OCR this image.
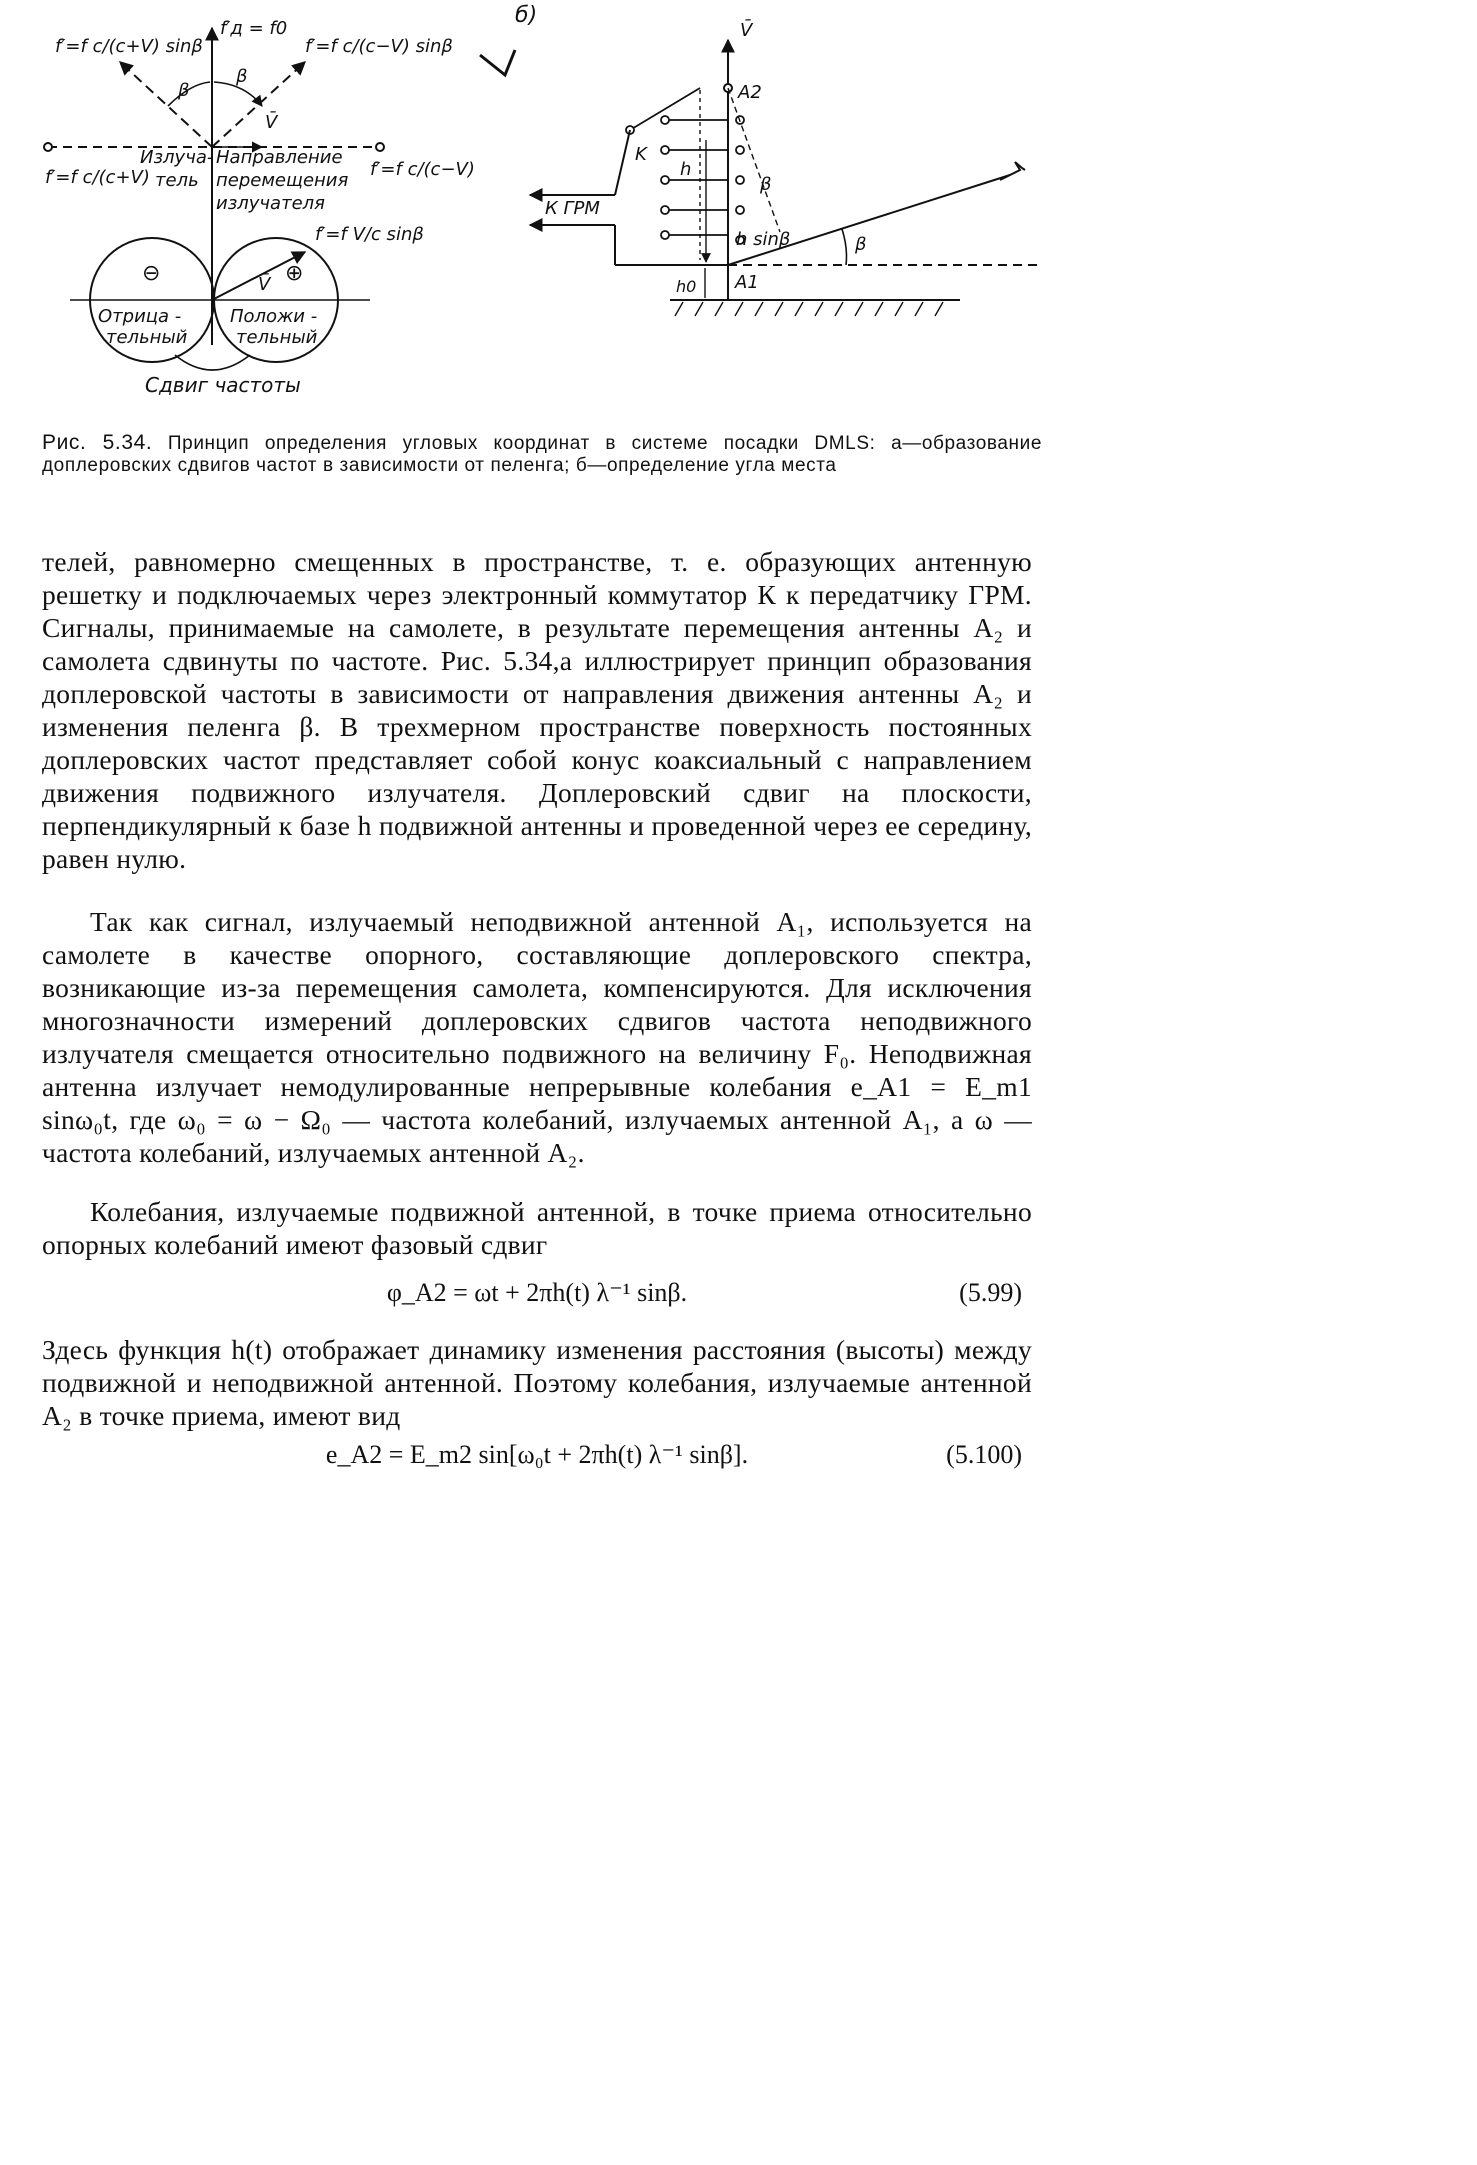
f′д = f0
f′=f c/(c+V) sinβ	f′=f c/(c−V) sinβ
f′=f c/(c+V)	f′=f c/(c−V)
f′=f V/c sinβ
β
β
V̄
Излуча-
тель
Направление
перемещения
излучателя
⊖	⊕
V̄
Отрица -
тельный
Положи -
тельный
Сдвиг частоты
б)
V̄
A2
A1
K
h
β
h sinβ
К ГРМ
h0
β
Рис. 5.34. Принцип определения угловых координат в системе посадки DMLS: а—образование доплеровских сдвигов частот в зависимости от пеленга; б—определение угла места

телей, равномерно смещенных в пространстве, т. е. образующих антенную решетку и подключаемых через электронный коммутатор К к передатчику ГРМ. Сигналы, принимаемые на самолете, в результате перемещения антенны A₂ и самолета сдвинуты по частоте. Рис. 5.34,а иллюстрирует принцип образования доплеровской частоты в зависимости от направления движения антенны A₂ и изменения пеленга β. В трехмерном пространстве поверхность постоянных доплеровских частот представляет собой конус коаксиальный с направлением движения подвижного излучателя. Доплеровский сдвиг на плоскости, перпендикулярный к базе h подвижной антенны и проведенной через ее середину, равен нулю.

Так как сигнал, излучаемый неподвижной антенной A₁, используется на самолете в качестве опорного, составляющие доплеровского спектра, возникающие из-за перемещения самолета, компенсируются. Для исключения многозначности измерений доплеровских сдвигов частота неподвижного излучателя смещается относительно подвижного на величину F₀. Неподвижная антенна излучает немодулированные непрерывные колебания e_A1 = E_m1 sinω₀t, где ω₀ = ω − Ω₀ — частота колебаний, излучаемых антенной A₁, а ω — частота колебаний, излучаемых антенной A₂.

Колебания, излучаемые подвижной антенной, в точке приема относительно опорных колебаний имеют фазовый сдвиг

φ_A2 = ωt + 2πh(t) λ⁻¹ sinβ.	(5.99)

Здесь функция h(t) отображает динамику изменения расстояния (высоты) между подвижной и неподвижной антенной. Поэтому колебания, излучаемые антенной A₂ в точке приема, имеют вид

e_A2 = E_m2 sin[ω₀t + 2πh(t) λ⁻¹ sinβ].	(5.100)
